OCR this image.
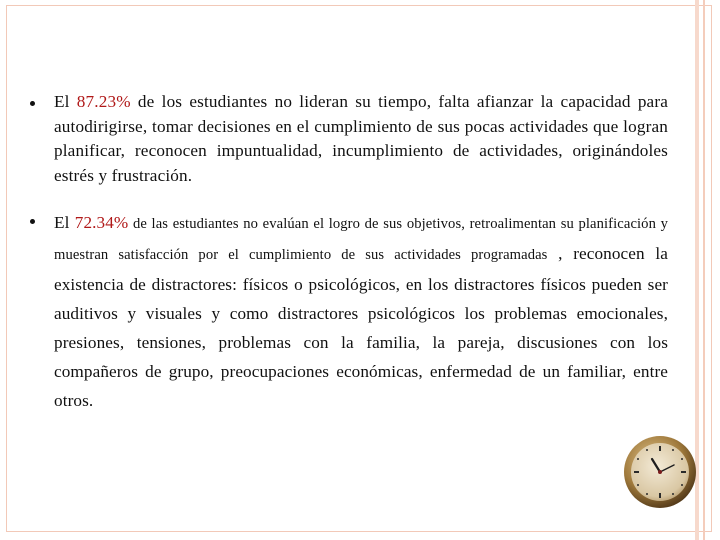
El 87.23% de los estudiantes no lideran su tiempo, falta afianzar la capacidad para autodirigirse, tomar decisiones en el cumplimiento de sus pocas actividades que logran planificar, reconocen impuntualidad, incumplimiento de actividades, originándoles estrés y frustración.
El 72.34% de las estudiantes no evalúan el logro de sus objetivos, retroalimentan su planificación y muestran satisfacción por el cumplimiento de sus actividades programadas , reconocen la existencia de distractores: físicos o psicológicos, en los distractores físicos pueden ser auditivos y visuales y como distractores psicológicos los problemas emocionales, presiones, tensiones, problemas con la familia, la pareja, discusiones con los compañeros de grupo, preocupaciones económicas, enfermedad de un familiar, entre otros.
